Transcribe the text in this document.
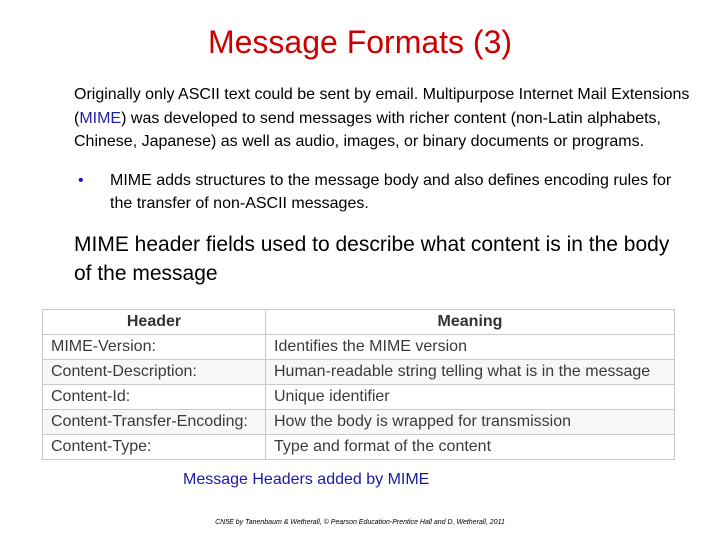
Message Formats (3)
Originally only ASCII text could be sent by email. Multipurpose Internet Mail Extensions (MIME) was developed to send messages with richer content (non-Latin alphabets, Chinese, Japanese) as well as audio, images, or binary documents or programs.
• MIME adds structures to the message body and also defines encoding rules for the transfer of non-ASCII messages.
MIME header fields used to describe what content is in the body of the message
Header	Meaning
MIME-Version:	Identifies the MIME version
Content-Description:	Human-readable string telling what is in the message
Content-Id:	Unique identifier
Content-Transfer-Encoding:	How the body is wrapped for transmission
Content-Type:	Type and format of the content
Message Headers added by MIME
CN5E by Tanenbaum & Wetherall, © Pearson Education-Prentice Hall and D. Wetherall, 2011
